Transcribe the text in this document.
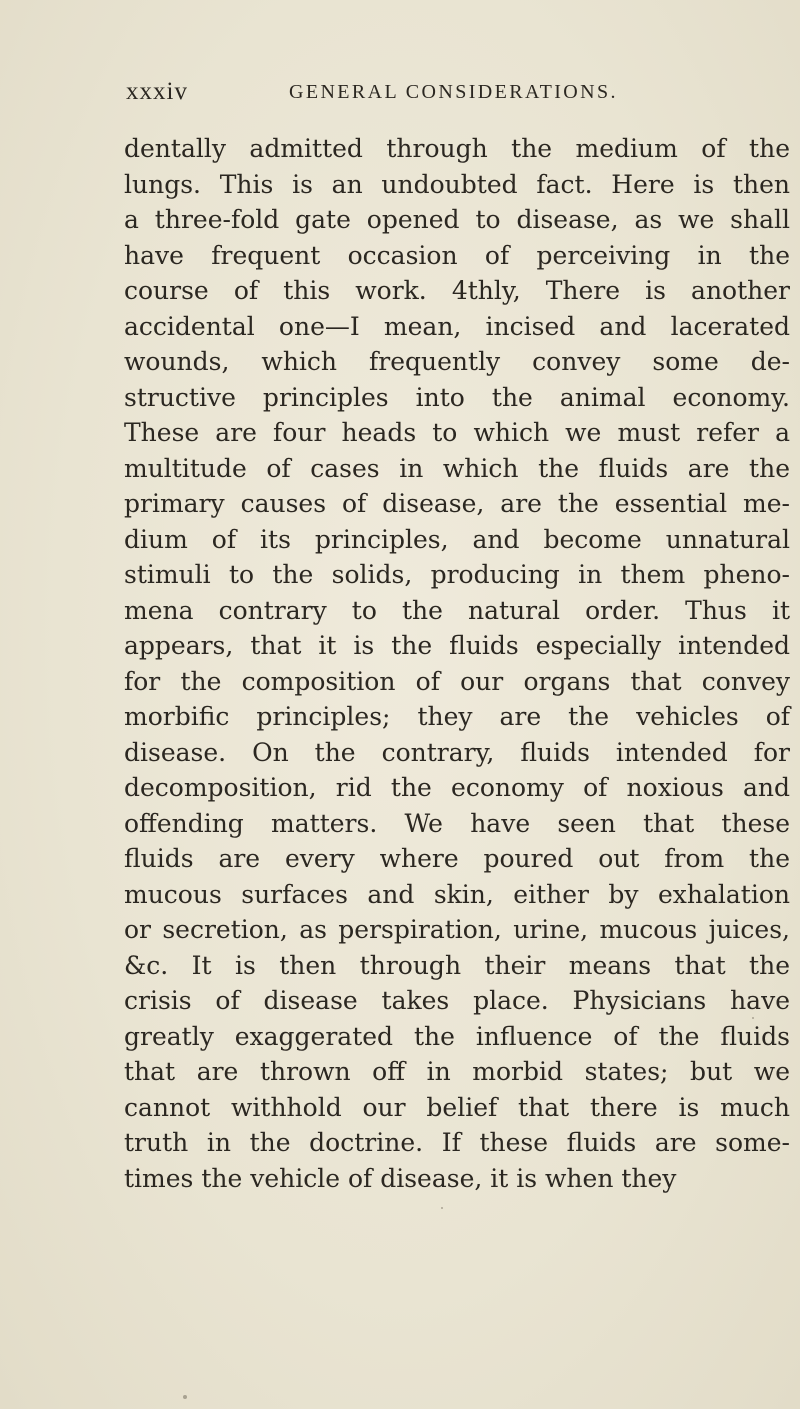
xxxiv	GENERAL CONSIDERATIONS.
dentally admitted through the medium of the
lungs. This is an undoubted fact. Here is then
a three-fold gate opened to disease, as we shall
have frequent occasion of perceiving in the
course of this work. 4thly, There is another
accidental one—I mean, incised and lacerated
wounds, which frequently convey some de-
structive principles into the animal economy.
These are four heads to which we must refer a
multitude of cases in which the fluids are the
primary causes of disease, are the essential me-
dium of its principles, and become unnatural
stimuli to the solids, producing in them pheno-
mena contrary to the natural order. Thus it
appears, that it is the fluids especially intended
for the composition of our organs that convey
morbific principles; they are the vehicles of
disease. On the contrary, fluids intended for
decomposition, rid the economy of noxious and
offending matters. We have seen that these
fluids are every where poured out from the
mucous surfaces and skin, either by exhalation
or secretion, as perspiration, urine, mucous juices,
&c. It is then through their means that the
crisis of disease takes place. Physicians have
greatly exaggerated the influence of the fluids
that are thrown off in morbid states; but we
cannot withhold our belief that there is much
truth in the doctrine. If these fluids are some-
times the vehicle of disease, it is when they
